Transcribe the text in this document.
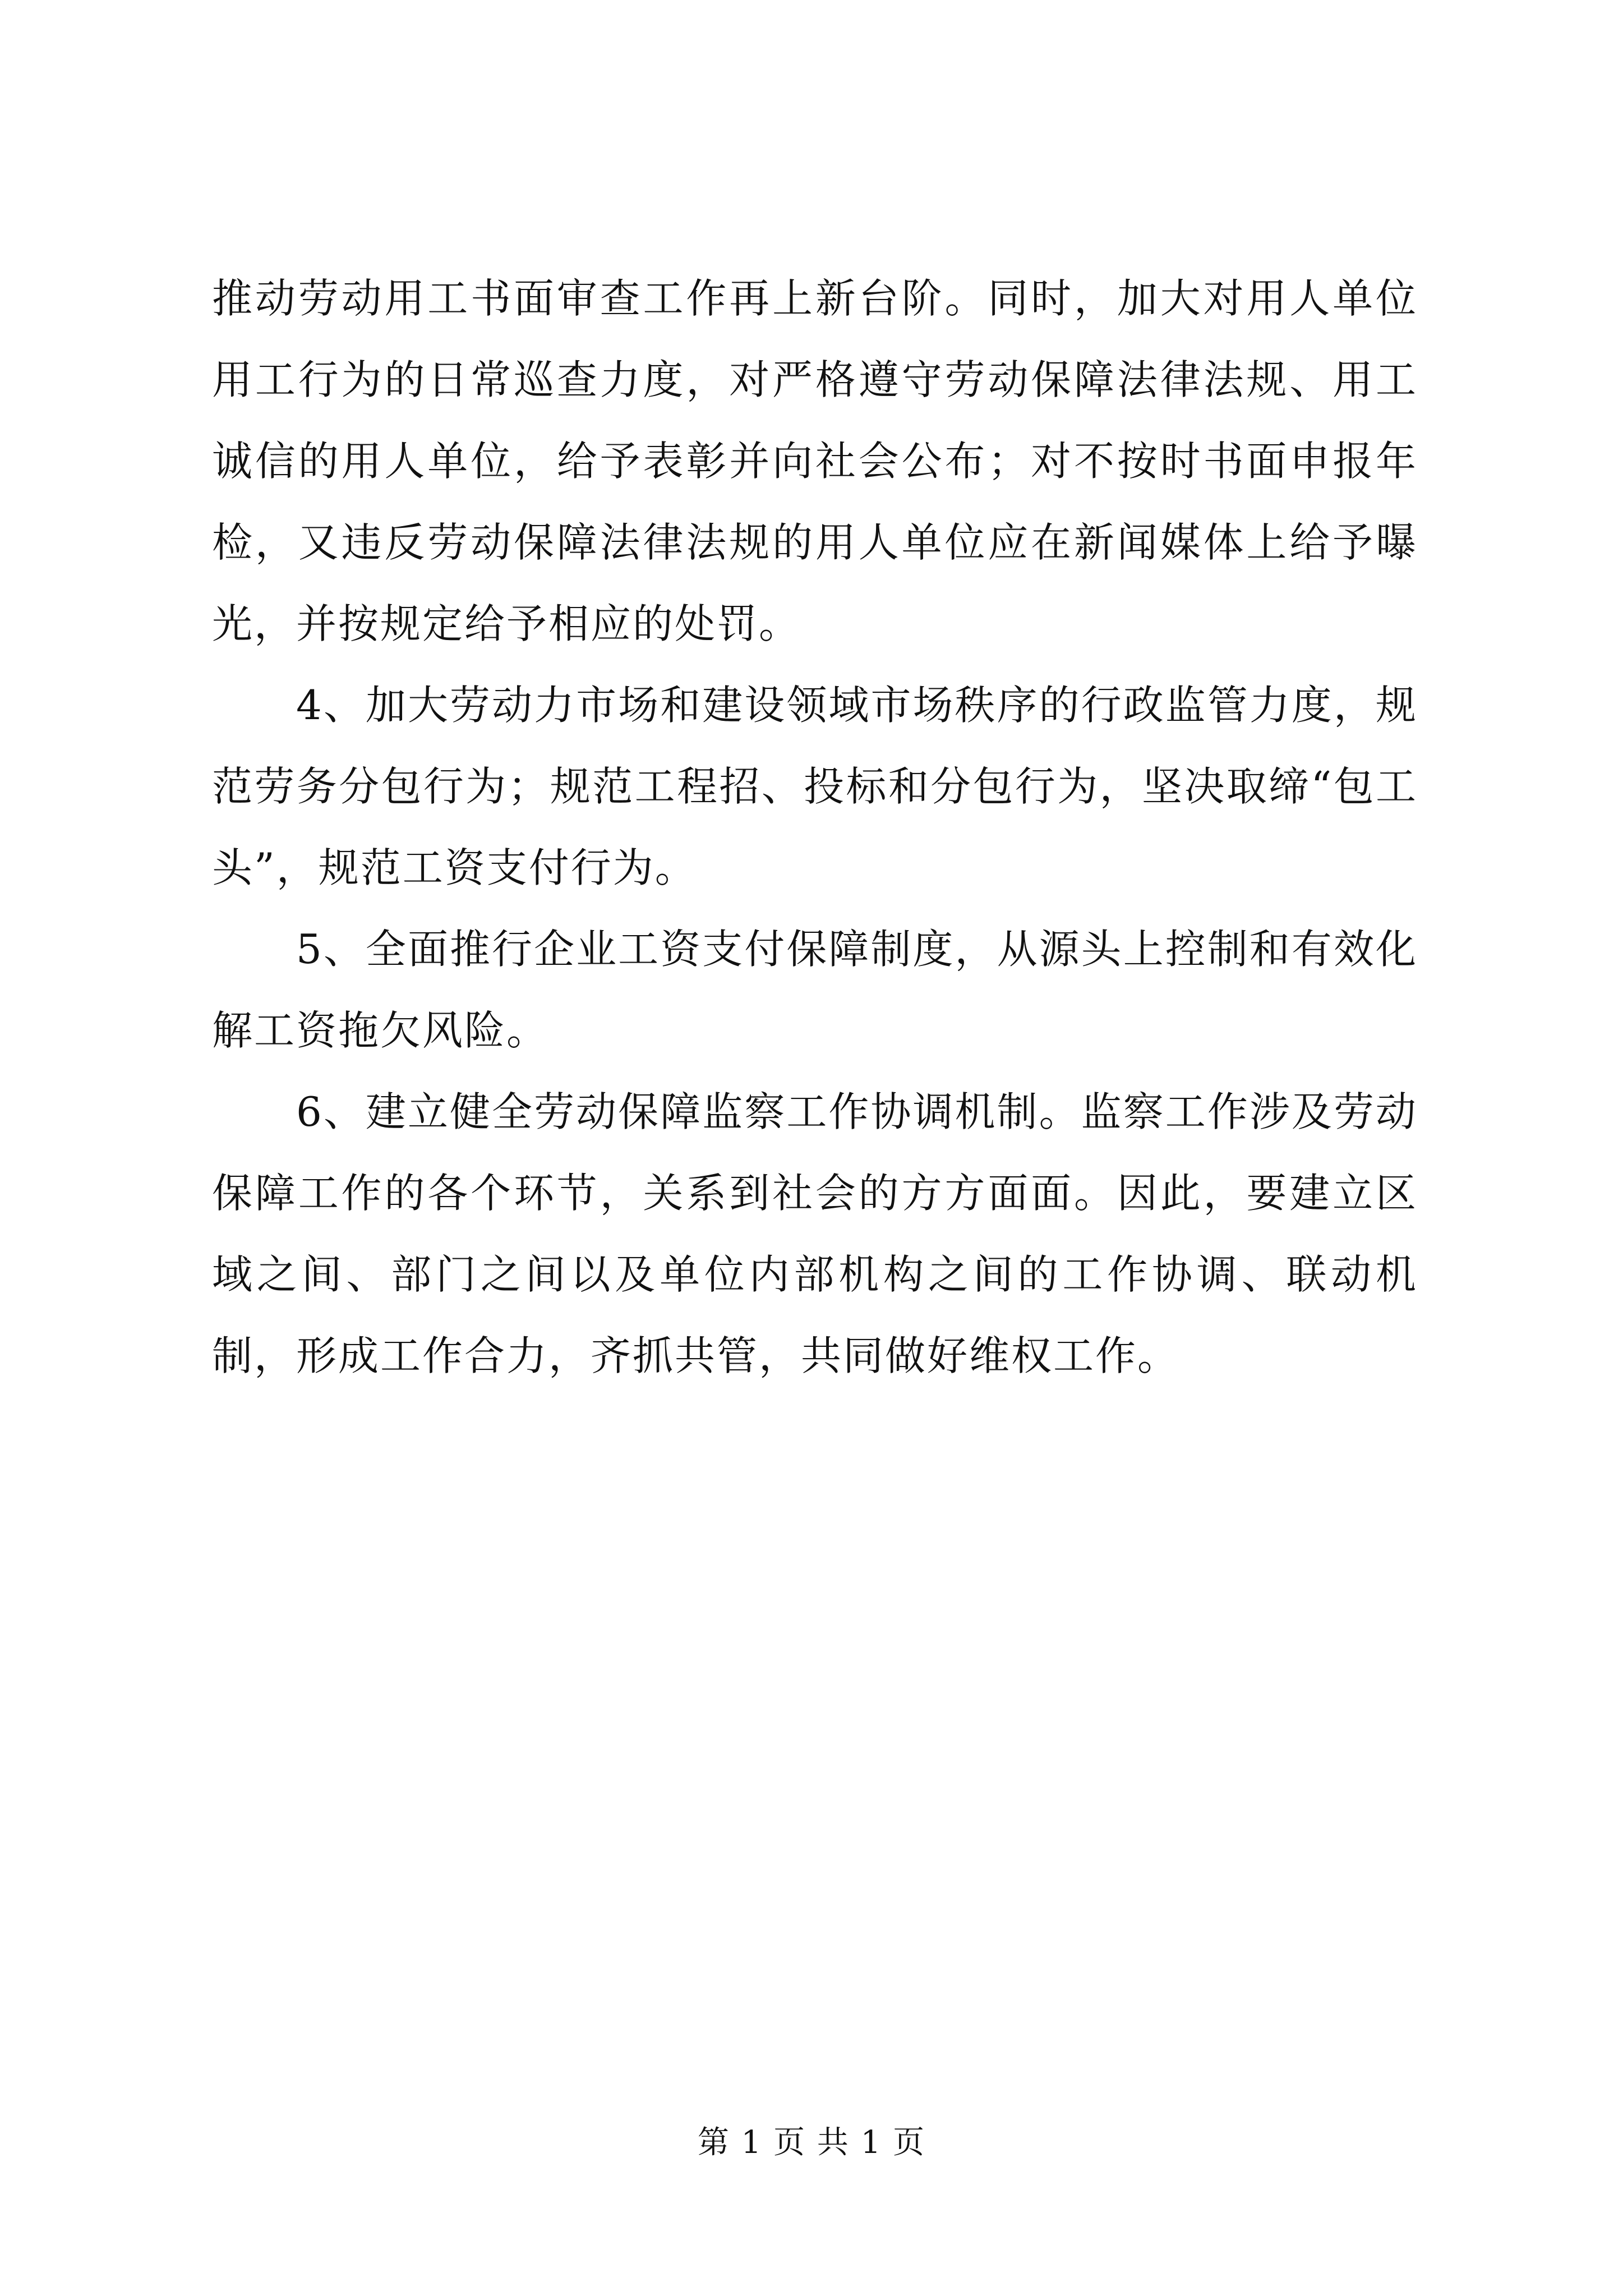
推动劳动用工书面审查工作再上新台阶。同时，加大对用人单位用工行为的日常巡查力度，对严格遵守劳动保障法律法规、用工诚信的用人单位，给予表彰并向社会公布；对不按时书面申报年检，又违反劳动保障法律法规的用人单位应在新闻媒体上给予曝光，并按规定给予相应的处罚。

4、加大劳动力市场和建设领域市场秩序的行政监管力度，规范劳务分包行为；规范工程招、投标和分包行为，坚决取缔“包工头”，规范工资支付行为。

5、全面推行企业工资支付保障制度，从源头上控制和有效化解工资拖欠风险。

6、建立健全劳动保障监察工作协调机制。监察工作涉及劳动保障工作的各个环节，关系到社会的方方面面。因此，要建立区域之间、部门之间以及单位内部机构之间的工作协调、联动机制，形成工作合力，齐抓共管，共同做好维权工作。

第 1 页 共 1 页
